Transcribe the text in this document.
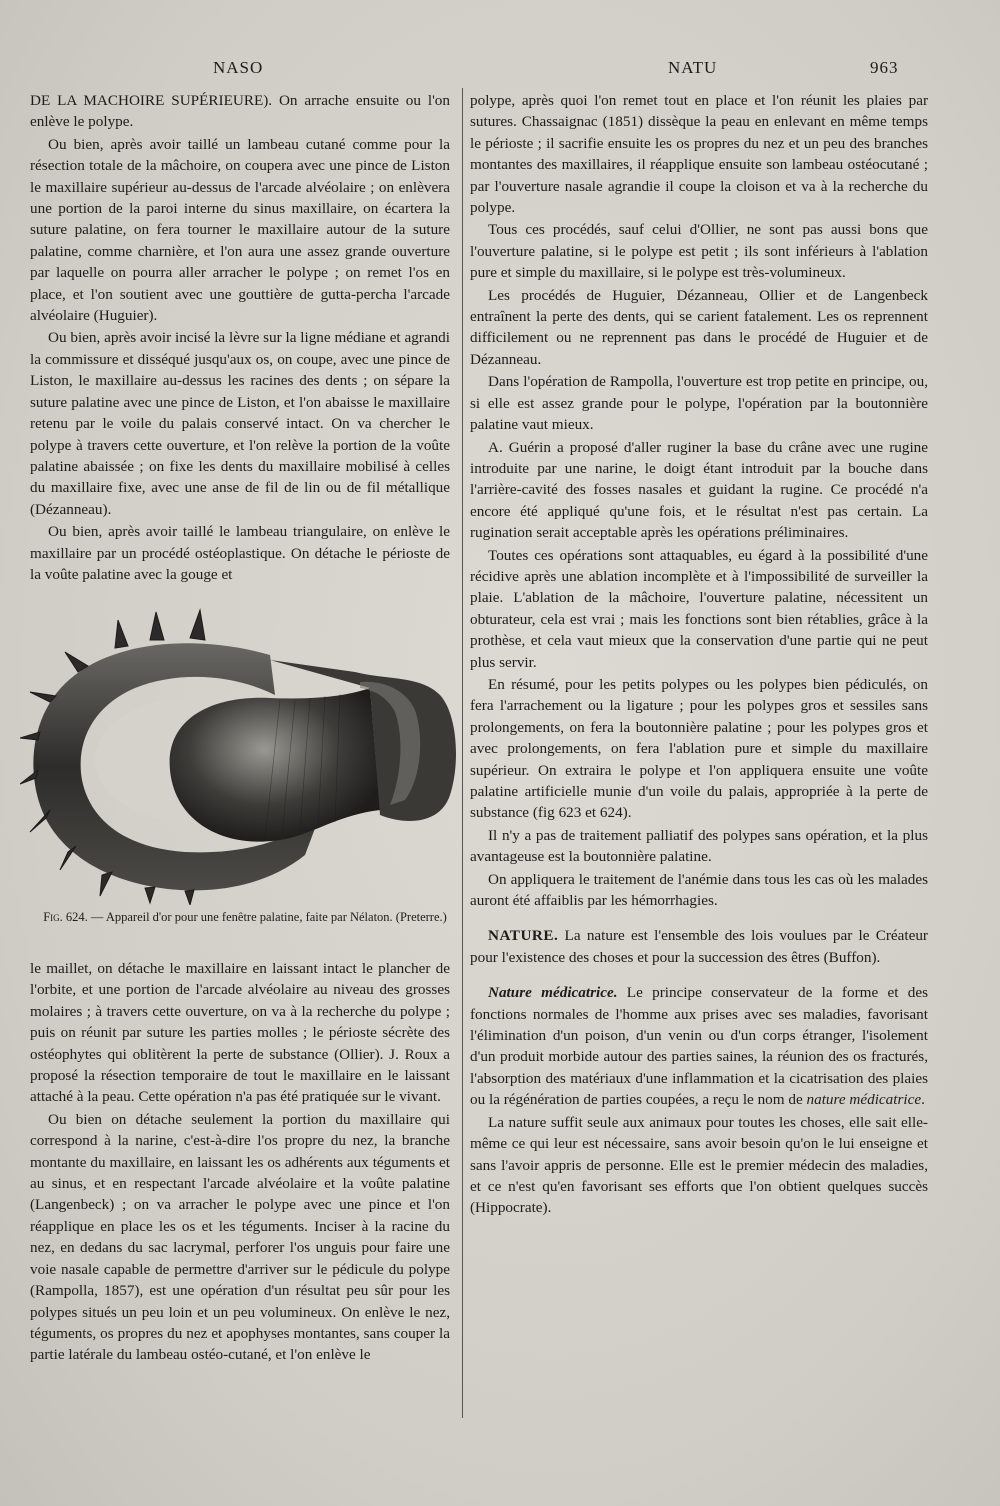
NASO	NATU	963

DE LA MACHOIRE SUPÉRIEURE). On arrache ensuite ou l'on enlève le polype.

Ou bien, après avoir taillé un lambeau cutané comme pour la résection totale de la mâchoire, on coupera avec une pince de Liston le maxillaire supérieur au-dessus de l'arcade alvéolaire ; on enlèvera une portion de la paroi interne du sinus maxillaire, on écartera la suture palatine, on fera tourner le maxillaire autour de la suture palatine, comme charnière, et l'on aura une assez grande ouverture par laquelle on pourra aller arracher le polype ; on remet l'os en place, et l'on soutient avec une gouttière de gutta-percha l'arcade alvéolaire (Huguier).

Ou bien, après avoir incisé la lèvre sur la ligne médiane et agrandi la commissure et disséqué jusqu'aux os, on coupe, avec une pince de Liston, le maxillaire au-dessus les racines des dents ; on sépare la suture palatine avec une pince de Liston, et l'on abaisse le maxillaire retenu par le voile du palais conservé intact. On va chercher le polype à travers cette ouverture, et l'on relève la portion de la voûte palatine abaissée ; on fixe les dents du maxillaire mobilisé à celles du maxillaire fixe, avec une anse de fil de lin ou de fil métallique (Dézanneau).

Ou bien, après avoir taillé le lambeau triangulaire, on enlève le maxillaire par un procédé ostéoplastique. On détache le périoste de la voûte palatine avec la gouge et

Fig. 624. — Appareil d'or pour une fenêtre palatine, faite par Nélaton. (Preterre.)

le maillet, on détache le maxillaire en laissant intact le plancher de l'orbite, et une portion de l'arcade alvéolaire au niveau des grosses molaires ; à travers cette ouverture, on va à la recherche du polype ; puis on réunit par suture les parties molles ; le périoste sécrète des ostéophytes qui oblitèrent la perte de substance (Ollier). J. Roux a proposé la résection temporaire de tout le maxillaire en le laissant attaché à la peau. Cette opération n'a pas été pratiquée sur le vivant.

Ou bien on détache seulement la portion du maxillaire qui correspond à la narine, c'est-à-dire l'os propre du nez, la branche montante du maxillaire, en laissant les os adhérents aux téguments et au sinus, et en respectant l'arcade alvéolaire et la voûte palatine (Langenbeck) ; on va arracher le polype avec une pince et l'on réapplique en place les os et les téguments. Inciser à la racine du nez, en dedans du sac lacrymal, perforer l'os unguis pour faire une voie nasale capable de permettre d'arriver sur le pédicule du polype (Rampolla, 1857), est une opération d'un résultat peu sûr pour les polypes situés un peu loin et un peu volumineux. On enlève le nez, téguments, os propres du nez et apophyses montantes, sans couper la partie latérale du lambeau ostéo-cutané, et l'on enlève le

polype, après quoi l'on remet tout en place et l'on réunit les plaies par sutures. Chassaignac (1851) dissèque la peau en enlevant en même temps le périoste ; il sacrifie ensuite les os propres du nez et un peu des branches montantes des maxillaires, il réapplique ensuite son lambeau ostéocutané ; par l'ouverture nasale agrandie il coupe la cloison et va à la recherche du polype.

Tous ces procédés, sauf celui d'Ollier, ne sont pas aussi bons que l'ouverture palatine, si le polype est petit ; ils sont inférieurs à l'ablation pure et simple du maxillaire, si le polype est très-volumineux.

Les procédés de Huguier, Dézanneau, Ollier et de Langenbeck entraînent la perte des dents, qui se carient fatalement. Les os reprennent difficilement ou ne reprennent pas dans le procédé de Huguier et de Dézanneau.

Dans l'opération de Rampolla, l'ouverture est trop petite en principe, ou, si elle est assez grande pour le polype, l'opération par la boutonnière palatine vaut mieux.

A. Guérin a proposé d'aller ruginer la base du crâne avec une rugine introduite par une narine, le doigt étant introduit par la bouche dans l'arrière-cavité des fosses nasales et guidant la rugine. Ce procédé n'a encore été appliqué qu'une fois, et le résultat n'est pas certain. La rugination serait acceptable après les opérations préliminaires.

Toutes ces opérations sont attaquables, eu égard à la possibilité d'une récidive après une ablation incomplète et à l'impossibilité de surveiller la plaie. L'ablation de la mâchoire, l'ouverture palatine, nécessitent un obturateur, cela est vrai ; mais les fonctions sont bien rétablies, grâce à la prothèse, et cela vaut mieux que la conservation d'une partie qui ne peut plus servir.

En résumé, pour les petits polypes ou les polypes bien pédiculés, on fera l'arrachement ou la ligature ; pour les polypes gros et sessiles sans prolongements, on fera la boutonnière palatine ; pour les polypes gros et avec prolongements, on fera l'ablation pure et simple du maxillaire supérieur. On extraira le polype et l'on appliquera ensuite une voûte palatine artificielle munie d'un voile du palais, appropriée à la perte de substance (fig 623 et 624).

Il n'y a pas de traitement palliatif des polypes sans opération, et la plus avantageuse est la boutonnière palatine.

On appliquera le traitement de l'anémie dans tous les cas où les malades auront été affaiblis par les hémorrhagies.

NATURE. La nature est l'ensemble des lois voulues par le Créateur pour l'existence des choses et pour la succession des êtres (Buffon).

Nature médicatrice. Le principe conservateur de la forme et des fonctions normales de l'homme aux prises avec ses maladies, favorisant l'élimination d'un poison, d'un venin ou d'un corps étranger, l'isolement d'un produit morbide autour des parties saines, la réunion des os fracturés, l'absorption des matériaux d'une inflammation et la cicatrisation des plaies ou la régénération de parties coupées, a reçu le nom de nature médicatrice.

La nature suffit seule aux animaux pour toutes les choses, elle sait elle-même ce qui leur est nécessaire, sans avoir besoin qu'on le lui enseigne et sans l'avoir appris de personne. Elle est le premier médecin des maladies, et ce n'est qu'en favorisant ses efforts que l'on obtient quelques succès (Hippocrate).
